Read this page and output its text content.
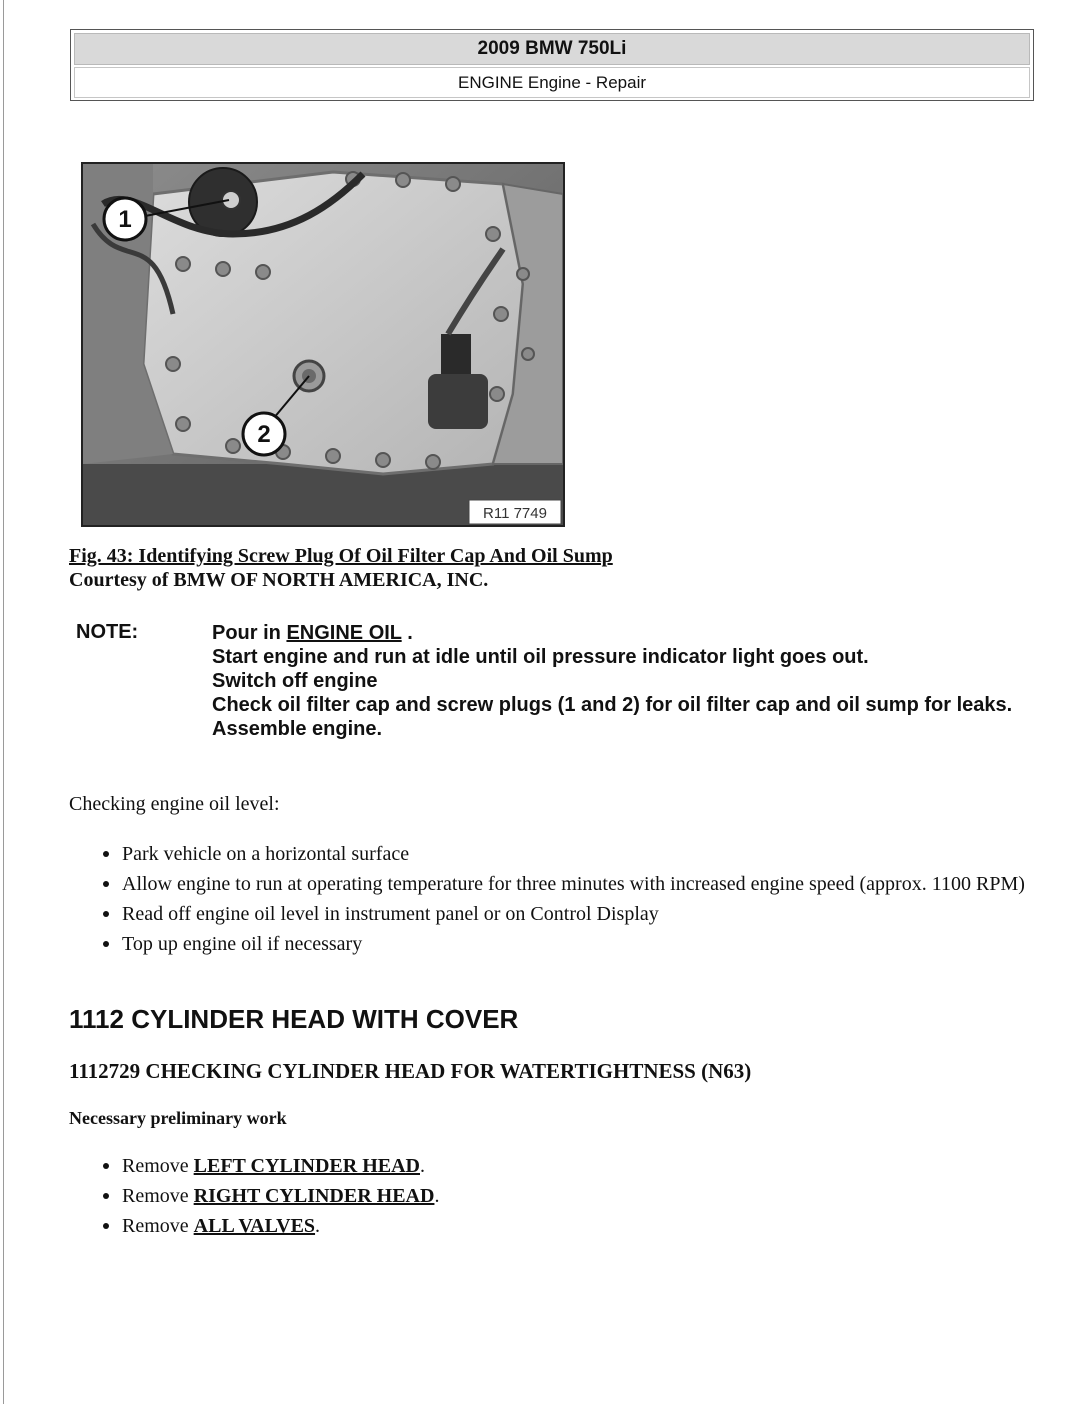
2009 BMW 750Li
ENGINE Engine - Repair
1
2
R11 7749
Fig. 43: Identifying Screw Plug Of Oil Filter Cap And Oil Sump
Courtesy of BMW OF NORTH AMERICA, INC.
NOTE:	Pour in ENGINE OIL .
Start engine and run at idle until oil pressure indicator light goes out.
Switch off engine
Check oil filter cap and screw plugs (1 and 2) for oil filter cap and oil sump for leaks.
Assemble engine.
Checking engine oil level:
Park vehicle on a horizontal surface
Allow engine to run at operating temperature for three minutes with increased engine speed (approx. 1100 RPM)
Read off engine oil level in instrument panel or on Control Display
Top up engine oil if necessary
1112 CYLINDER HEAD WITH COVER
1112729 CHECKING CYLINDER HEAD FOR WATERTIGHTNESS (N63)
Necessary preliminary work
Remove LEFT CYLINDER HEAD.
Remove RIGHT CYLINDER HEAD.
Remove ALL VALVES.
